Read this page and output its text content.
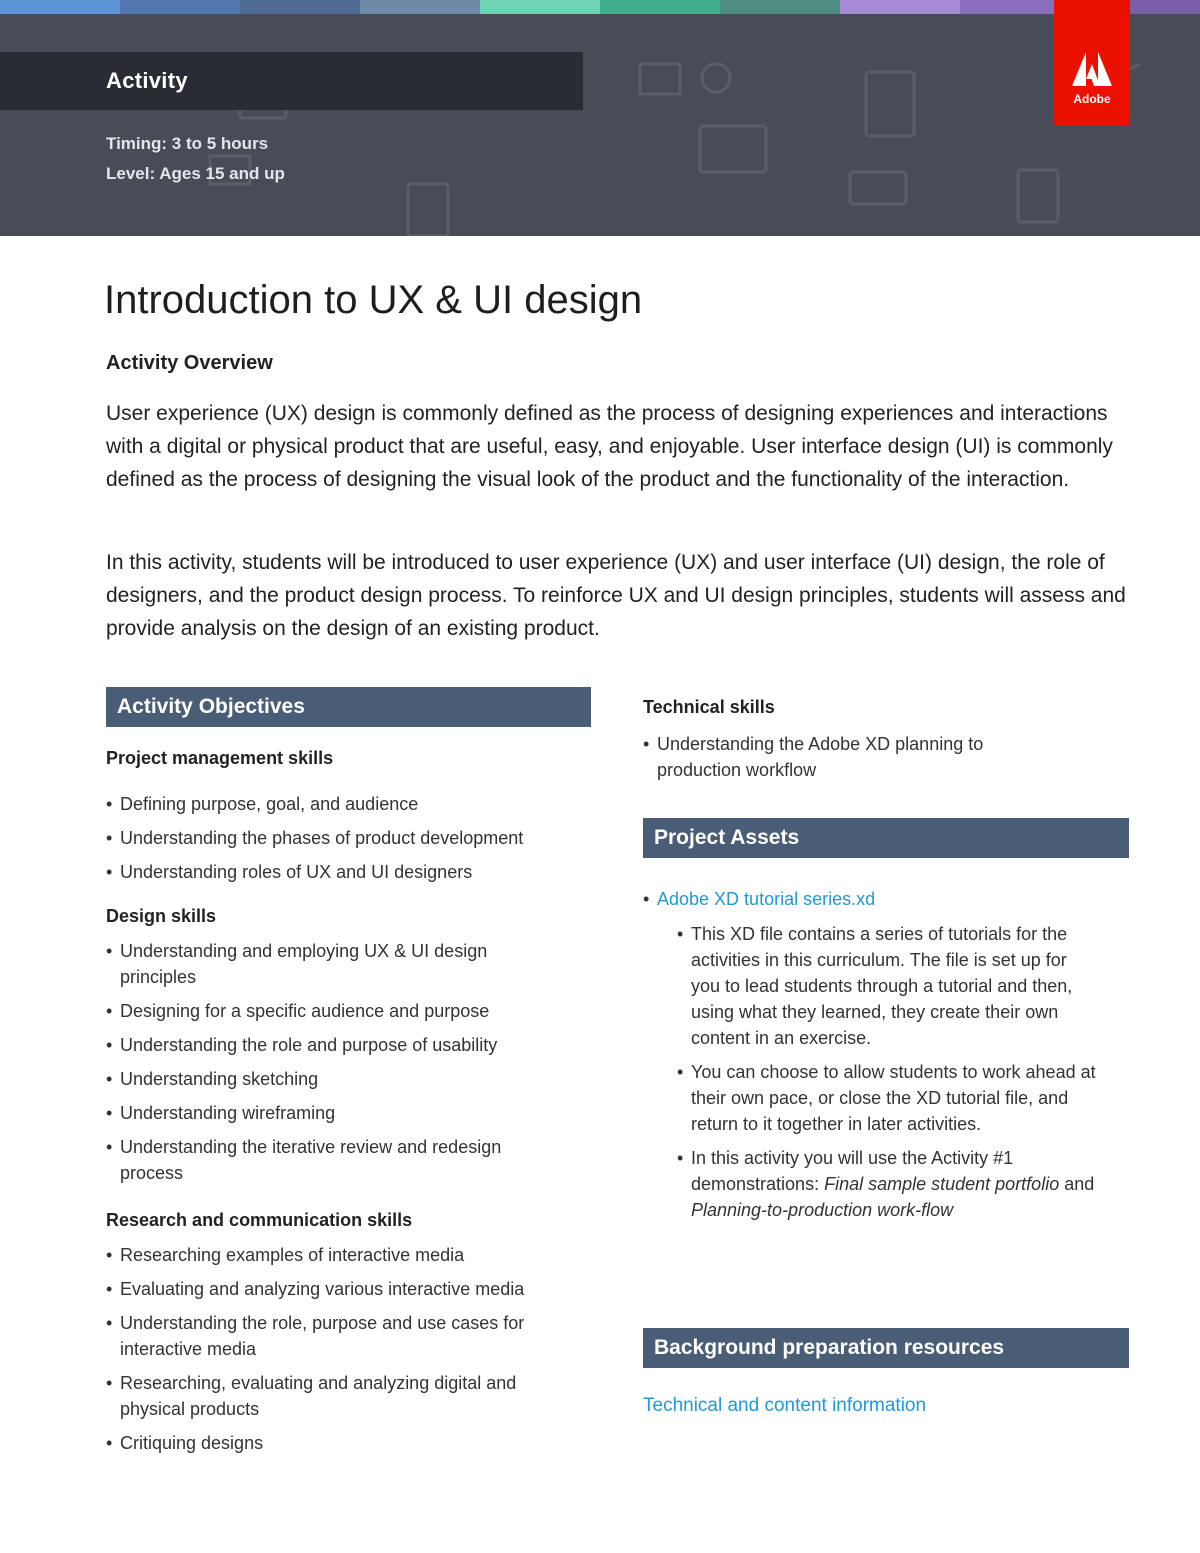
Activity
Timing: 3 to 5 hours
Level: Ages 15 and up
Adobe
Introduction to UX & UI design
Activity Overview

User experience (UX) design is commonly defined as the process of designing experiences and interactions with a digital or physical product that are useful, easy, and enjoyable. User interface design (UI) is commonly defined as the process of designing the visual look of the product and the functionality of the interaction.

In this activity, students will be introduced to user experience (UX) and user interface (UI) design, the role of designers, and the product design process. To reinforce UX and UI design principles, students will assess and provide analysis on the design of an existing product.

Activity Objectives
Project management skills
• Defining purpose, goal, and audience
• Understanding the phases of product development
• Understanding roles of UX and UI designers
Design skills
• Understanding and employing UX & UI design principles
• Designing for a specific audience and purpose
• Understanding the role and purpose of usability
• Understanding sketching
• Understanding wireframing
• Understanding the iterative review and redesign process
Research and communication skills
• Researching examples of interactive media
• Evaluating and analyzing various interactive media
• Understanding the role, purpose and use cases for interactive media
• Researching, evaluating and analyzing digital and physical products
• Critiquing designs
Technical skills
• Understanding the Adobe XD planning to production workflow
Project Assets
• Adobe XD tutorial series.xd
• This XD file contains a series of tutorials for the activities in this curriculum. The file is set up for you to lead students through a tutorial and then, using what they learned, they create their own content in an exercise.
• You can choose to allow students to work ahead at their own pace, or close the XD tutorial file, and return to it together in later activities.
• In this activity you will use the Activity #1 demonstrations: Final sample student portfolio and Planning-to-production work-flow
Background preparation resources
Technical and content information
